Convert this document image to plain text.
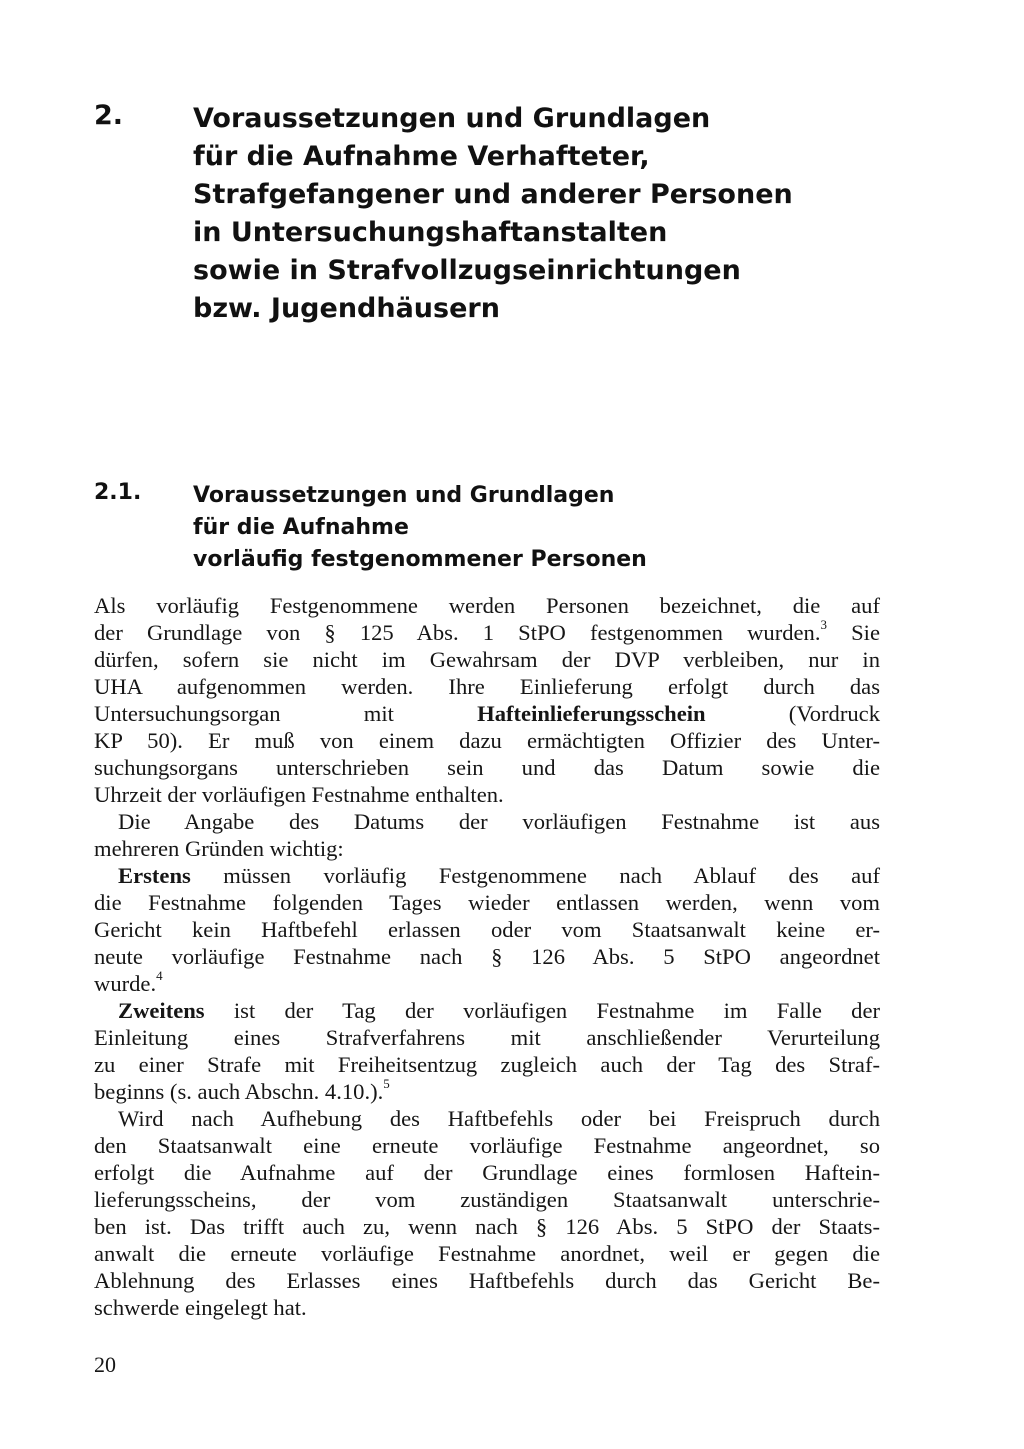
2.	Voraussetzungen und Grundlagen
für die Aufnahme Verhafteter,
Strafgefangener und anderer Personen
in Untersuchungshaftanstalten
sowie in Strafvollzugseinrichtungen
bzw. Jugendhäusern
2.1. Voraussetzungen und Grundlagen
für die Aufnahme
vorläufig festgenommener Personen
Als vorläufig Festgenommene werden Personen bezeichnet, die auf
der Grundlage von § 125 Abs. 1 StPO festgenommen wurden.$^3$ Sie
dürfen, sofern sie nicht im Gewahrsam der DVP verbleiben, nur in
UHA aufgenommen werden. Ihre Einlieferung erfolgt durch das
Untersuchungsorgan mit	Hafteinlieferungsschein	(Vordruck
KP 50). Er muß von einem dazu ermächtigten Offizier des Unter-
suchungsorgans unterschrieben sein und das Datum sowie die
Uhrzeit der vorläufigen Festnahme enthalten.
Die Angabe des Datums der vorläufigen Festnahme ist aus
mehreren Gründen wichtig:
Erstens müssen vorläufig Festgenommene nach Ablauf des auf
die Festnahme folgenden Tages wieder entlassen werden, wenn vom
Gericht kein Haftbefehl erlassen oder vom Staatsanwalt keine er-
neute vorläufige Festnahme nach § 126 Abs. 5 StPO angeordnet
wurde.$^4$
Zweitens ist der Tag der vorläufigen Festnahme im Falle der
Einleitung eines Strafverfahrens mit anschließender Verurteilung
zu einer Strafe mit Freiheitsentzug zugleich auch der Tag des Straf-
beginns (s. auch Abschn. 4.10.).$^5$
Wird nach Aufhebung des Haftbefehls oder bei Freispruch durch
den Staatsanwalt eine erneute vorläufige Festnahme angeordnet, so
erfolgt die Aufnahme auf der Grundlage eines formlosen Haftein-
lieferungsscheins, der vom zuständigen Staatsanwalt unterschrie-
ben ist. Das trifft auch zu, wenn nach § 126 Abs. 5 StPO der Staats-
anwalt die erneute vorläufige Festnahme anordnet, weil er gegen die
Ablehnung des Erlasses eines Haftbefehls durch das Gericht Be-
schwerde eingelegt hat.
20
